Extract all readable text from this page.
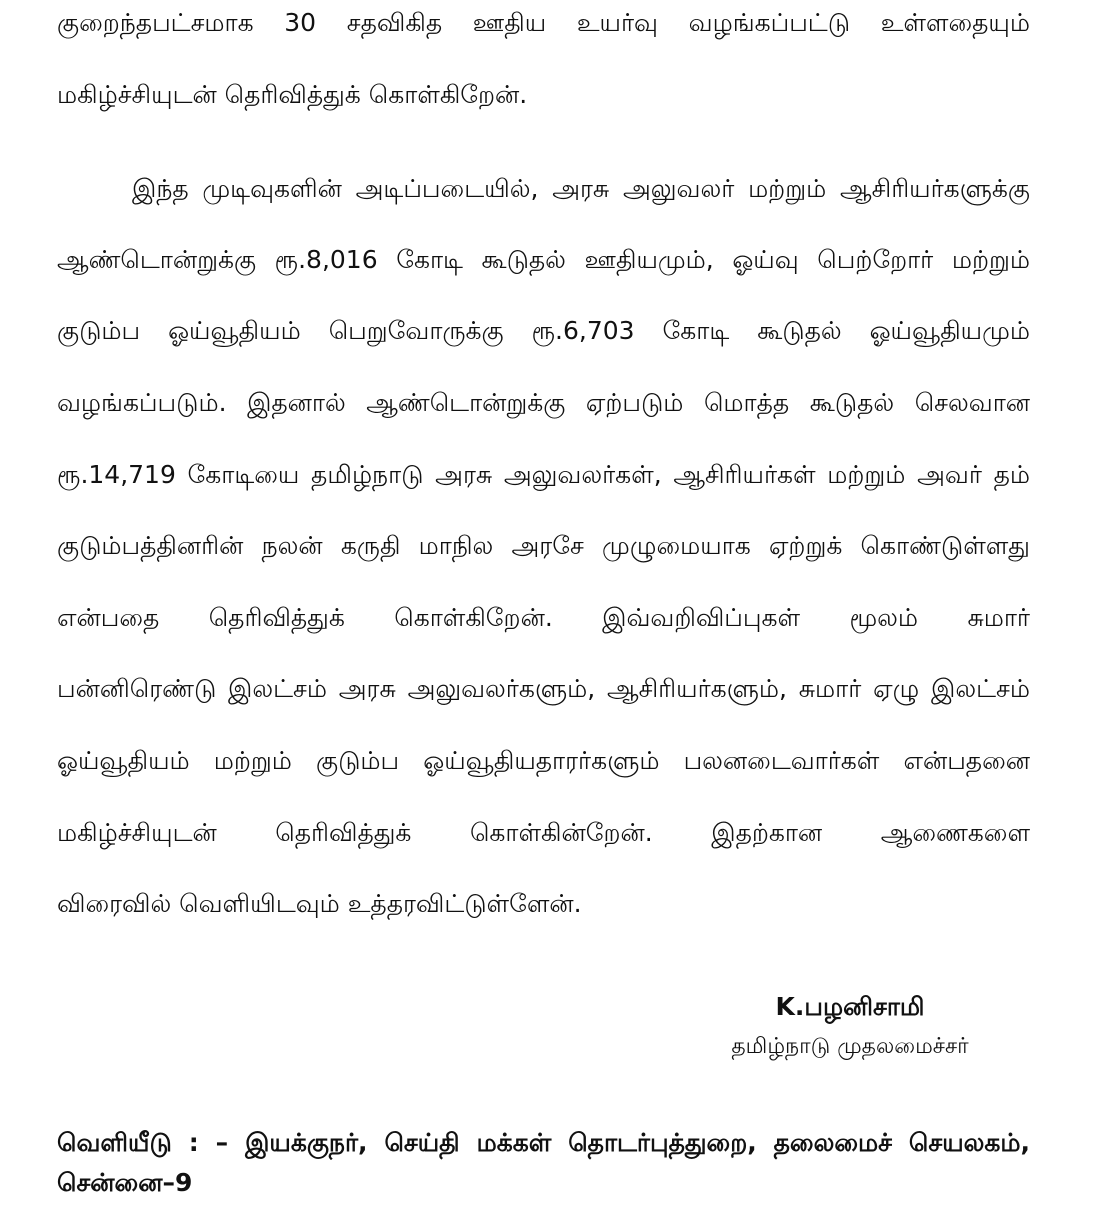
குறைந்தபட்சமாக 30 சதவிகித ஊதிய உயர்வு வழங்கப்பட்டு உள்ளதையும்
மகிழ்ச்சியுடன் தெரிவித்துக் கொள்கிறேன்.
இந்த முடிவுகளின் அடிப்படையில், அரசு அலுவலர் மற்றும் ஆசிரியர்களுக்கு
ஆண்டொன்றுக்கு ரூ.8,016 கோடி கூடுதல் ஊதியமும், ஓய்வு பெற்றோர் மற்றும்
குடும்ப ஓய்வூதியம் பெறுவோருக்கு ரூ.6,703 கோடி கூடுதல் ஓய்வூதியமும்
வழங்கப்படும். இதனால் ஆண்டொன்றுக்கு ஏற்படும் மொத்த கூடுதல் செலவான
ரூ.14,719 கோடியை தமிழ்நாடு அரசு அலுவலர்கள், ஆசிரியர்கள் மற்றும் அவர் தம்
குடும்பத்தினரின் நலன் கருதி மாநில அரசே முழுமையாக ஏற்றுக் கொண்டுள்ளது
என்பதை தெரிவித்துக் கொள்கிறேன். இவ்வறிவிப்புகள் மூலம் சுமார்
பன்னிரெண்டு இலட்சம் அரசு அலுவலர்களும், ஆசிரியர்களும், சுமார் ஏழு இலட்சம்
ஓய்வூதியம் மற்றும் குடும்ப ஓய்வூதியதாரர்களும் பலனடைவார்கள் என்பதனை
மகிழ்ச்சியுடன் தெரிவித்துக் கொள்கின்றேன். இதற்கான ஆணைகளை
விரைவில் வெளியிடவும் உத்தரவிட்டுள்ளேன்.
K.பழனிசாமி
தமிழ்நாடு முதலமைச்சர்
வெளியீடு : – இயக்குநர், செய்தி மக்கள் தொடர்புத்துறை, தலைமைச் செயலகம்,
சென்னை–9
